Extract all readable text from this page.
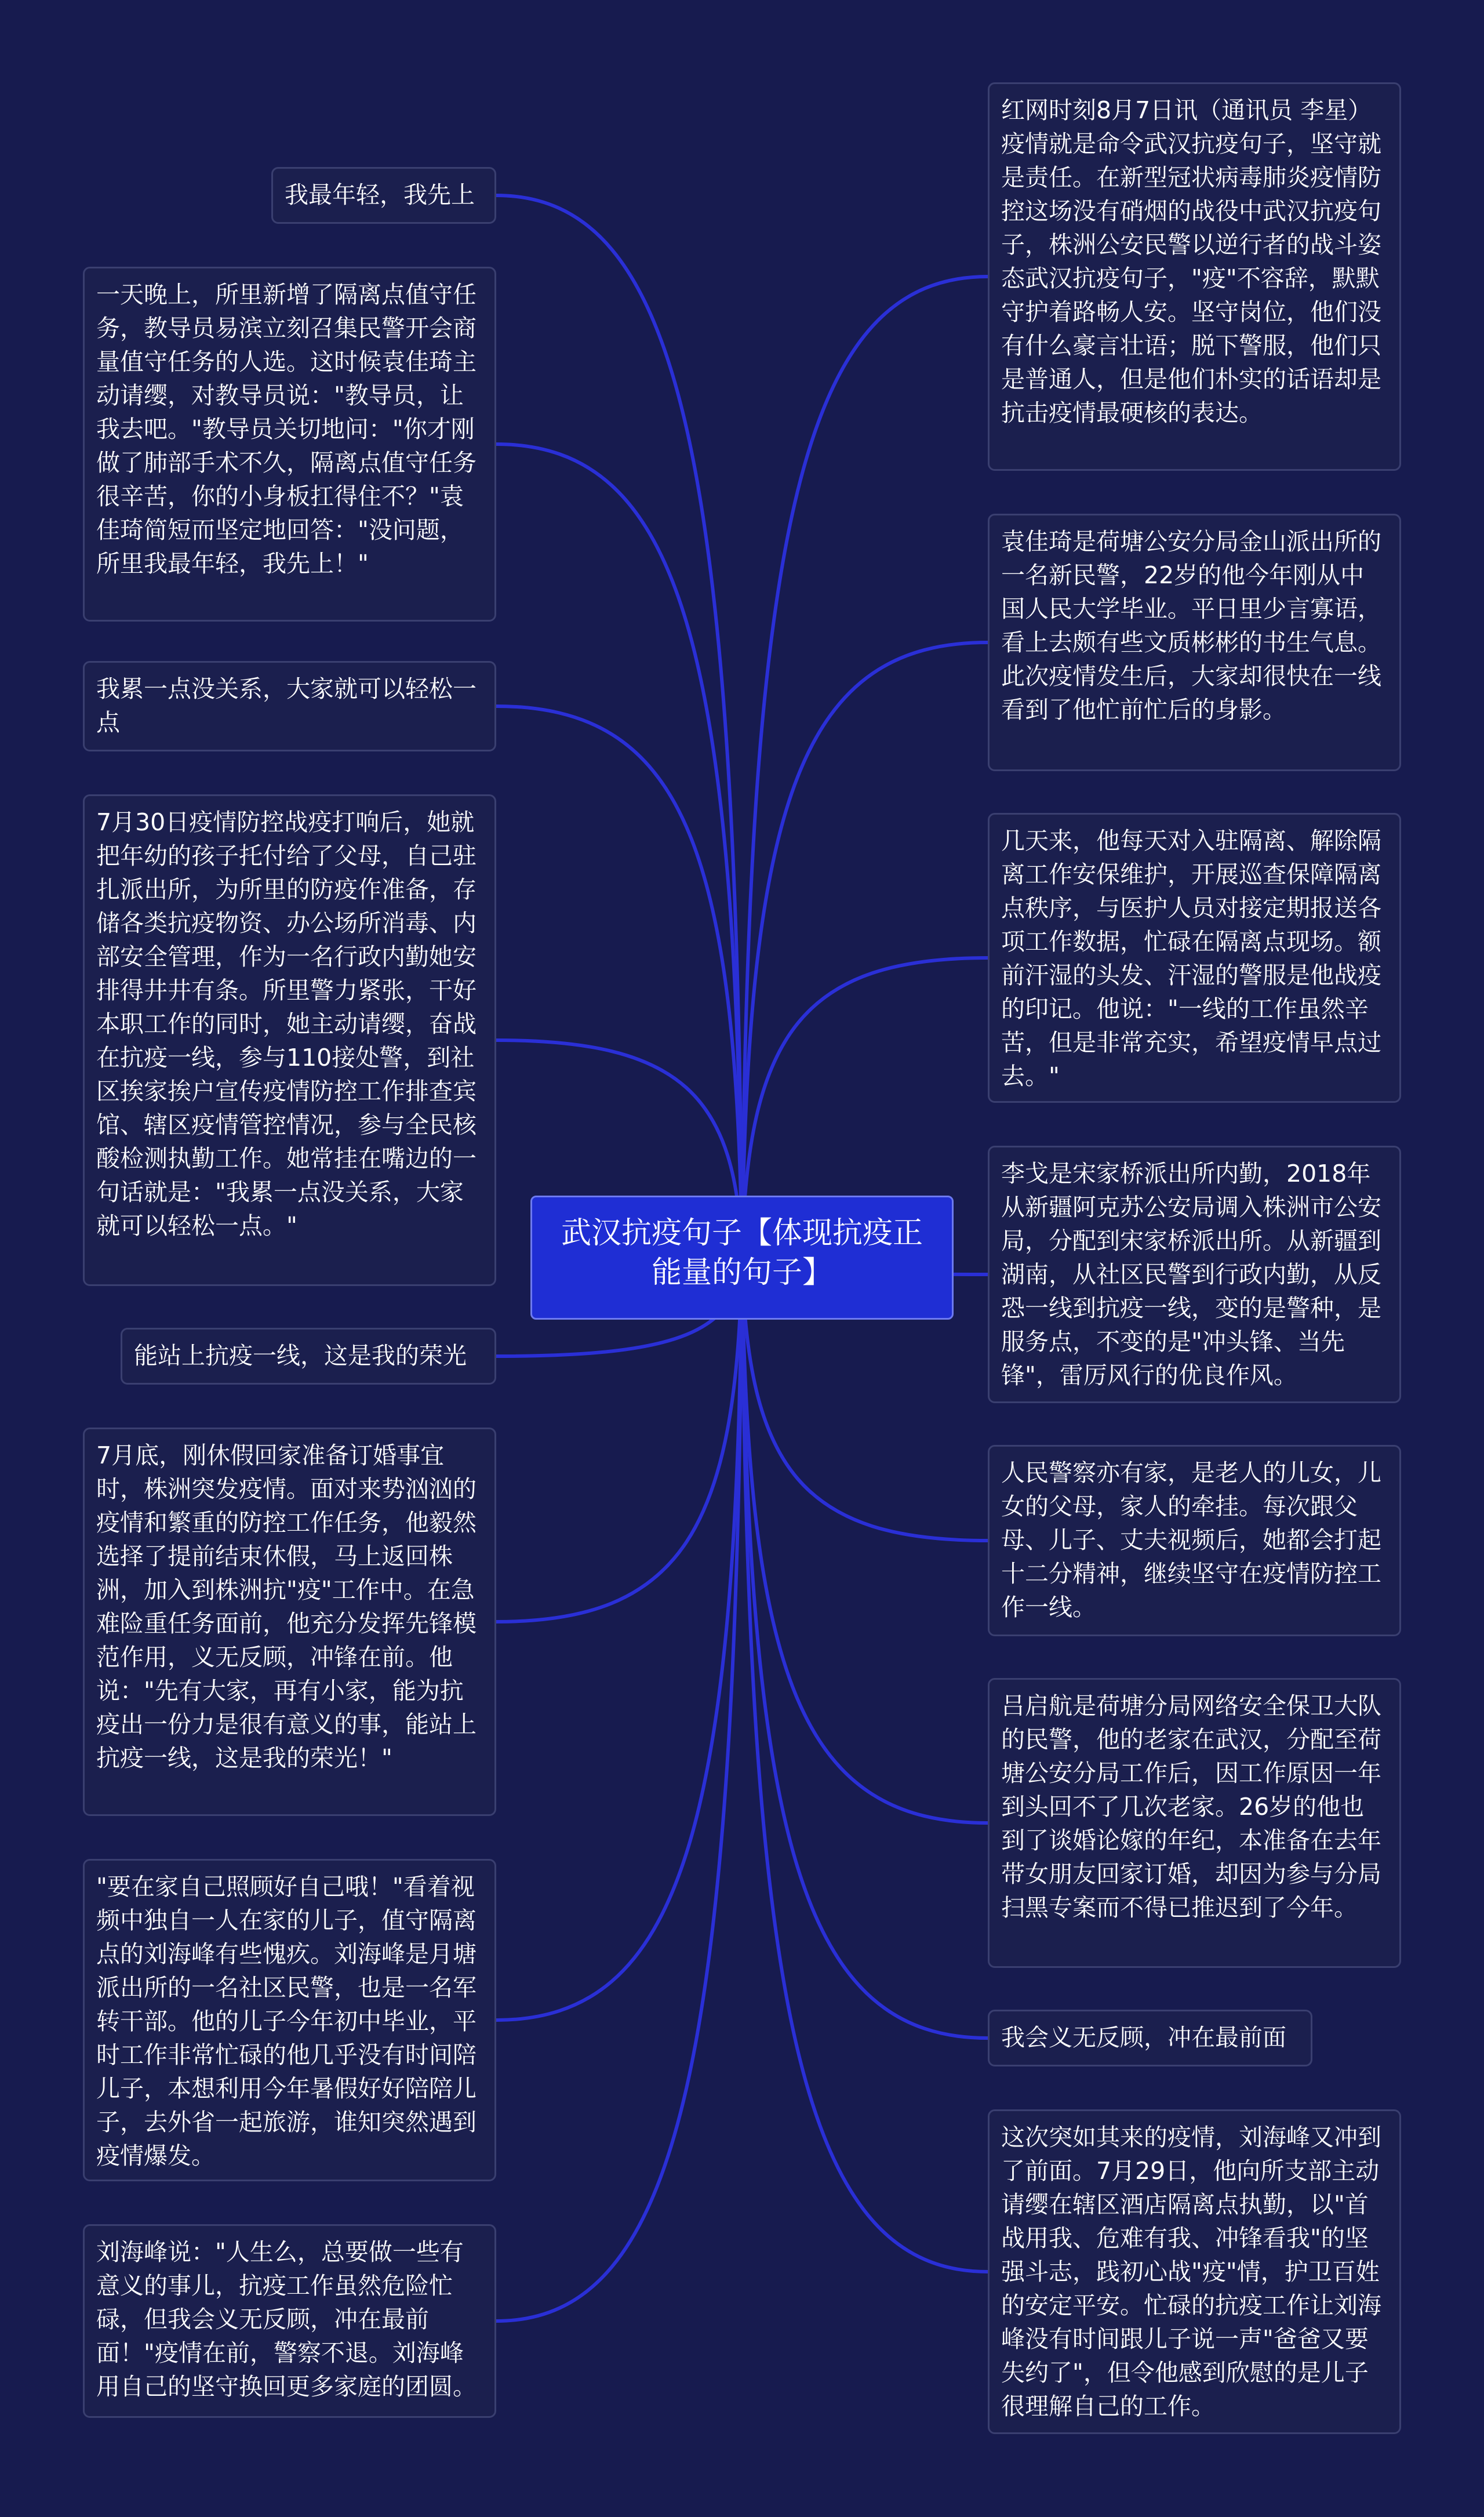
武汉抗疫句子【体现抗疫正能量的句子】
我最年轻，我先上
一天晚上，所里新增了隔离点值守任务，教导员易滨立刻召集民警开会商量值守任务的人选。这时候袁佳琦主动请缨，对教导员说："教导员，让我去吧。"教导员关切地问："你才刚做了肺部手术不久，隔离点值守任务很辛苦，你的小身板扛得住不？"袁佳琦简短而坚定地回答："没问题，所里我最年轻，我先上！"
我累一点没关系，大家就可以轻松一点
7月30日疫情防控战疫打响后，她就把年幼的孩子托付给了父母，自己驻扎派出所，为所里的防疫作准备，存储各类抗疫物资、办公场所消毒、内部安全管理，作为一名行政内勤她安排得井井有条。所里警力紧张，干好本职工作的同时，她主动请缨，奋战在抗疫一线，参与110接处警，到社区挨家挨户宣传疫情防控工作排查宾馆、辖区疫情管控情况，参与全民核酸检测执勤工作。她常挂在嘴边的一句话就是："我累一点没关系，大家就可以轻松一点。"
能站上抗疫一线，这是我的荣光
7月底，刚休假回家准备订婚事宜时，株洲突发疫情。面对来势汹汹的疫情和繁重的防控工作任务，他毅然选择了提前结束休假，马上返回株洲，加入到株洲抗"疫"工作中。在急难险重任务面前，他充分发挥先锋模范作用，义无反顾，冲锋在前。他说："先有大家，再有小家，能为抗疫出一份力是很有意义的事，能站上抗疫一线，这是我的荣光！"
"要在家自己照顾好自己哦！"看着视频中独自一人在家的儿子，值守隔离点的刘海峰有些愧疚。刘海峰是月塘派出所的一名社区民警，也是一名军转干部。他的儿子今年初中毕业，平时工作非常忙碌的他几乎没有时间陪儿子，本想利用今年暑假好好陪陪儿子，去外省一起旅游，谁知突然遇到疫情爆发。
刘海峰说："人生么，总要做一些有意义的事儿，抗疫工作虽然危险忙碌，但我会义无反顾，冲在最前面！"疫情在前，警察不退。刘海峰用自己的坚守换回更多家庭的团圆。
红网时刻8月7日讯（通讯员 李星）疫情就是命令武汉抗疫句子，坚守就是责任。在新型冠状病毒肺炎疫情防控这场没有硝烟的战役中武汉抗疫句子，株洲公安民警以逆行者的战斗姿态武汉抗疫句子，"疫"不容辞，默默守护着路畅人安。坚守岗位，他们没有什么豪言壮语；脱下警服，他们只是普通人，但是他们朴实的话语却是抗击疫情最硬核的表达。
袁佳琦是荷塘公安分局金山派出所的一名新民警，22岁的他今年刚从中国人民大学毕业。平日里少言寡语，看上去颇有些文质彬彬的书生气息。此次疫情发生后，大家却很快在一线看到了他忙前忙后的身影。
几天来，他每天对入驻隔离、解除隔离工作安保维护，开展巡查保障隔离点秩序，与医护人员对接定期报送各项工作数据，忙碌在隔离点现场。额前汗湿的头发、汗湿的警服是他战疫的印记。他说："一线的工作虽然辛苦，但是非常充实，希望疫情早点过去。"
李戈是宋家桥派出所内勤，2018年从新疆阿克苏公安局调入株洲市公安局，分配到宋家桥派出所。从新疆到湖南，从社区民警到行政内勤，从反恐一线到抗疫一线，变的是警种，是服务点，不变的是"冲头锋、当先锋"，雷厉风行的优良作风。
人民警察亦有家，是老人的儿女，儿女的父母，家人的牵挂。每次跟父母、儿子、丈夫视频后，她都会打起十二分精神，继续坚守在疫情防控工作一线。
吕启航是荷塘分局网络安全保卫大队的民警，他的老家在武汉，分配至荷塘公安分局工作后，因工作原因一年到头回不了几次老家。26岁的他也到了谈婚论嫁的年纪，本准备在去年带女朋友回家订婚，却因为参与分局扫黑专案而不得已推迟到了今年。
我会义无反顾，冲在最前面
这次突如其来的疫情，刘海峰又冲到了前面。7月29日，他向所支部主动请缨在辖区酒店隔离点执勤，以"首战用我、危难有我、冲锋看我"的坚强斗志，践初心战"疫"情，护卫百姓的安定平安。忙碌的抗疫工作让刘海峰没有时间跟儿子说一声"爸爸又要失约了"，但令他感到欣慰的是儿子很理解自己的工作。
